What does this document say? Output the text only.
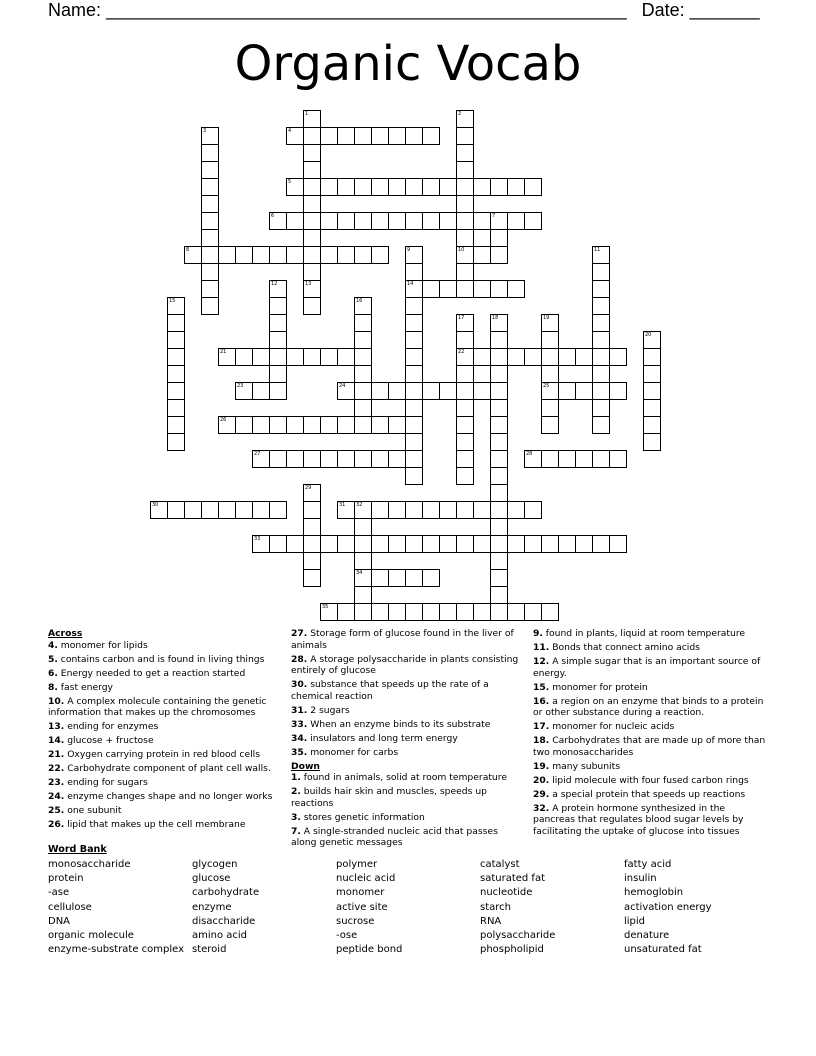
Name: ____________________________________________________   Date: _______
Organic Vocab
1
13
2
10
3	4
5
6	7
8	9
14
11
12
15	16
17
22
18	19
25
20
21
23	24
26
27	28
29
30	31 32
34
33
35
Across
4. monomer for lipids
5. contains carbon and is found in living things
6. Energy needed to get a reaction started
8. fast energy
10. A complex molecule containing the genetic information that makes up the chromosomes
13. ending for enzymes
14. glucose + fructose
21. Oxygen carrying protein in red blood cells
22. Carbohydrate component of plant cell walls.
23. ending for sugars
24. enzyme changes shape and no longer works
25. one subunit
26. lipid that makes up the cell membrane
27. Storage form of glucose found in the liver of animals
28. A storage polysaccharide in plants consisting entirely of glucose
30. substance that speeds up the rate of a chemical reaction
31. 2 sugars
33. When an enzyme binds to its substrate
34. insulators and long term energy
35. monomer for carbs
Down
1. found in animals, solid at room temperature
2. builds hair skin and muscles, speeds up reactions
3. stores genetic information
7. A single-stranded nucleic acid that passes along genetic messages
9. found in plants, liquid at room temperature
11. Bonds that connect amino acids
12. A simple sugar that is an important source of energy.
15. monomer for protein
16. a region on an enzyme that binds to a protein or other substance during a reaction.
17. monomer for nucleic acids
18. Carbohydrates that are made up of more than two monosaccharides
19. many subunits
20. lipid molecule with four fused carbon rings
29. a special protein that speeds up reactions
32. A protein hormone synthesized in the pancreas that regulates blood sugar levels by facilitating the uptake of glucose into tissues
Word Bank
monosaccharide
protein
-ase
cellulose
DNA
organic molecule
enzyme-substrate complex
glycogen
glucose
carbohydrate
enzyme
disaccharide
amino acid
steroid
polymer
nucleic acid
monomer
active site
sucrose
-ose
peptide bond
catalyst
saturated fat
nucleotide
starch
RNA
polysaccharide
phospholipid
fatty acid
insulin
hemoglobin
activation energy
lipid
denature
unsaturated fat
